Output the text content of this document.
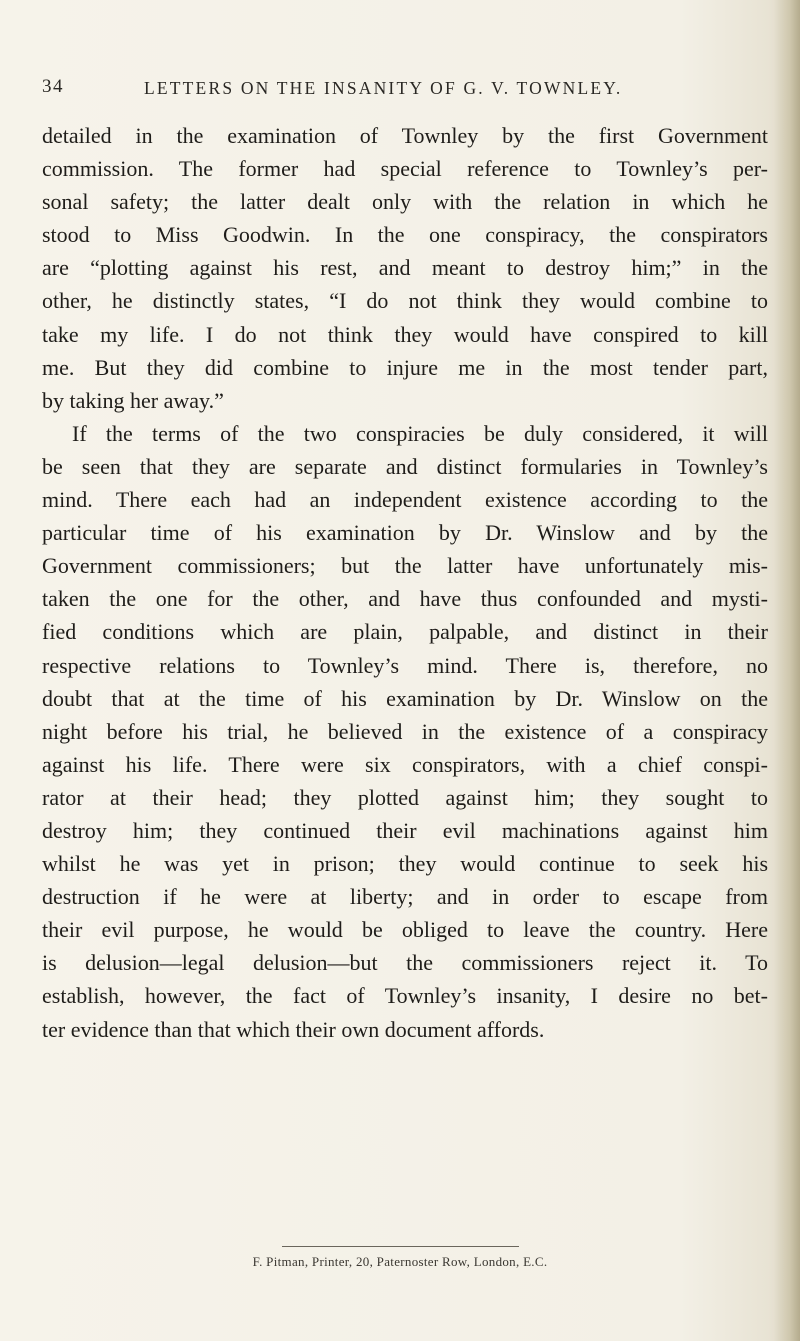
34	LETTERS ON THE INSANITY OF G. V. TOWNLEY.
detailed in the examination of Townley by the first Government
commission. The former had special reference to Townley’s per-
sonal safety; the latter dealt only with the relation in which he
stood to Miss Goodwin. In the one conspiracy, the conspirators
are “plotting against his rest, and meant to destroy him;” in the
other, he distinctly states, “I do not think they would combine to
take my life. I do not think they would have conspired to kill
me. But they did combine to injure me in the most tender part,
by taking her away.”
If the terms of the two conspiracies be duly considered, it will
be seen that they are separate and distinct formularies in Townley’s
mind. There each had an independent existence according to the
particular time of his examination by Dr. Winslow and by the
Government commissioners; but the latter have unfortunately mis-
taken the one for the other, and have thus confounded and mysti-
fied conditions which are plain, palpable, and distinct in their
respective relations to Townley’s mind. There is, therefore, no
doubt that at the time of his examination by Dr. Winslow on the
night before his trial, he believed in the existence of a conspiracy
against his life. There were six conspirators, with a chief conspi-
rator at their head; they plotted against him; they sought to
destroy him; they continued their evil machinations against him
whilst he was yet in prison; they would continue to seek his
destruction if he were at liberty; and in order to escape from
their evil purpose, he would be obliged to leave the country. Here
is delusion—legal delusion—but the commissioners reject it. To
establish, however, the fact of Townley’s insanity, I desire no bet-
ter evidence than that which their own document affords.
F. Pitman, Printer, 20, Paternoster Row, London, E.C.
